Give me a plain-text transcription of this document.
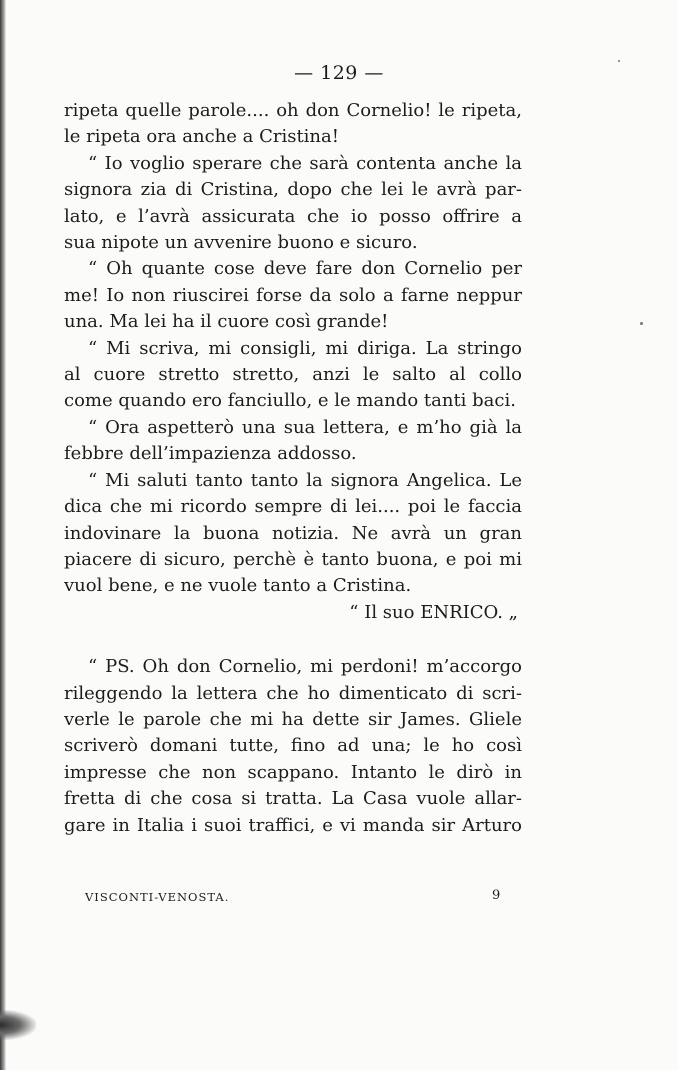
— 129 —
ripeta quelle parole.... oh don Cornelio! le ripeta,
le ripeta ora anche a Cristina!
“ Io voglio sperare che sarà contenta anche la
signora zia di Cristina, dopo che lei le avrà par-
lato, e l’avrà assicurata che io posso offrire a
sua nipote un avvenire buono e sicuro.
“ Oh quante cose deve fare don Cornelio per
me! Io non riuscirei forse da solo a farne neppur
una. Ma lei ha il cuore così grande!
“ Mi scriva, mi consigli, mi diriga. La stringo
al cuore stretto stretto, anzi le salto al collo
come quando ero fanciullo, e le mando tanti baci.
“ Ora aspetterò una sua lettera, e m’ho già la
febbre dell’impazienza addosso.
“ Mi saluti tanto tanto la signora Angelica. Le
dica che mi ricordo sempre di lei.... poi le faccia
indovinare la buona notizia. Ne avrà un gran
piacere di sicuro, perchè è tanto buona, e poi mi
vuol bene, e ne vuole tanto a Cristina.
“ Il suo ENRICO. „
“ PS. Oh don Cornelio, mi perdoni! m’accorgo
rileggendo la lettera che ho dimenticato di scri-
verle le parole che mi ha dette sir James. Gliele
scriverò domani tutte, fino ad una; le ho così
impresse che non scappano. Intanto le dirò in
fretta di che cosa si tratta. La Casa vuole allar-
gare in Italia i suoi traffici, e vi manda sir Arturo
VISCONTI-VENOSTA.	9
